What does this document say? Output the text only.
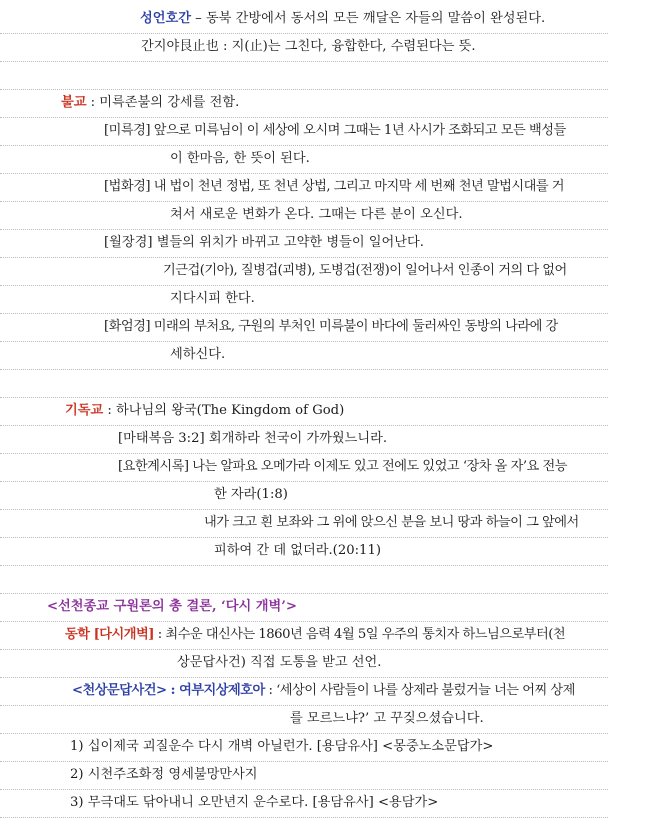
성언호간 – 동북 간방에서 동서의 모든 깨달은 자들의 말씀이 완성된다.
간지야艮止也 : 지(止)는 그친다, 융합한다, 수렴된다는 뜻.
불교 : 미륵존불의 강세를 전함.
[미륵경] 앞으로 미륵님이 이 세상에 오시며 그때는 1년 사시가 조화되고 모든 백성들
이 한마음, 한 뜻이 된다.
[법화경] 내 법이 천년 정법, 또 천년 상법, 그리고 마지막 세 번째 천년 말법시대를 거
쳐서 새로운 변화가 온다. 그때는 다른 분이 오신다.
[월장경] 별들의 위치가 바뀌고 고약한 병들이 일어난다.
기근겁(기아), 질병겁(괴병), 도병겁(전쟁)이 일어나서 인종이 거의 다 없어
지다시피 한다.
[화엄경] 미래의 부처요, 구원의 부처인 미륵불이 바다에 둘러싸인 동방의 나라에 강
세하신다.
기독교 : 하나님의 왕국(The Kingdom of God)
[마태복음 3:2] 회개하라 천국이 가까웠느니라.
[요한계시록] 나는 알파요 오메가라 이제도 있고 전에도 있었고 ‘장차 올 자’요 전능
한 자라(1:8)
내가 크고 흰 보좌와 그 위에 앉으신 분을 보니 땅과 하늘이 그 앞에서
피하여 간 데 없더라.(20:11)
<선천종교 구원론의 총 결론, ‘다시 개벽’>
동학 [다시개벽] : 최수운 대신사는 1860년 음력 4월 5일 우주의 통치자 하느님으로부터(천
상문답사건) 직접 도통을 받고 선언.
<천상문답사건> : 여부지상제호아 : ‘세상이 사람들이 나를 상제라 불렀거늘 너는 어찌 상제
를 모르느냐?’ 고 꾸짖으셨습니다.
1) 십이제국 괴질운수 다시 개벽 아닐런가. [용담유사] <몽중노소문답가>
2) 시천주조화정 영세불망만사지
3) 무극대도 닦아내니 오만년지 운수로다. [용담유사] <용담가>
